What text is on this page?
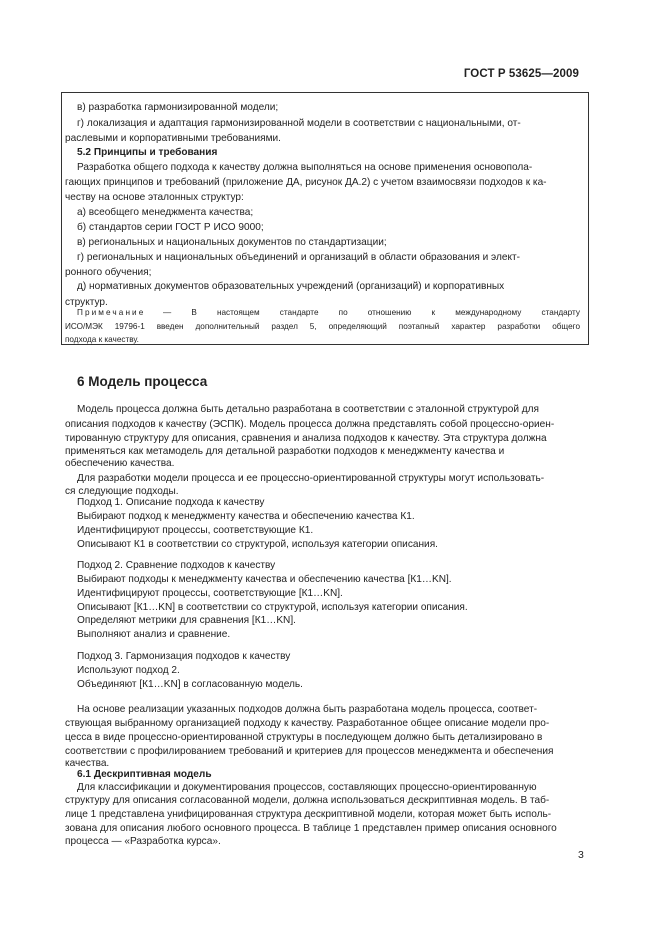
ГОСТ Р 53625—2009
в) разработка гармонизированной модели;
г) локализация и адаптация гармонизированной модели в соответствии с национальными, от-
раслевыми и корпоративными требованиями.
5.2 Принципы и требования
Разработка общего подхода к качеству должна выполняться на основе применения основопола-
гающих принципов и требований (приложение ДА, рисунок ДА.2) с учетом взаимосвязи подходов к ка-
честву на основе эталонных структур:
а) всеобщего менеджмента качества;
б) стандартов серии ГОСТ Р ИСО 9000;
в) региональных и национальных документов по стандартизации;
г) региональных и национальных объединений и организаций в области образования и элект-
ронного обучения;
д) нормативных документов образовательных учреждений (организаций) и корпоративных
структур.
Примечание — В настоящем стандарте по отношению к международному стандарту
ИСО/МЭК 19796-1 введен дополнительный раздел 5, определяющий поэтапный характер разработки общего
подхода к качеству.
6 Модель процесса
Модель процесса должна быть детально разработана в соответствии с эталонной структурой для
описания подходов к качеству (ЭСПК). Модель процесса должна представлять собой процессно-ориен-
тированную структуру для описания, сравнения и анализа подходов к качеству. Эта структура должна
применяться как метамодель для детальной разработки подходов к менеджменту качества и
обеспечению качества.
Для разработки модели процесса и ее процессно-ориентированной структуры могут использовать-
ся следующие подходы.
Подход 1. Описание подхода к качеству
Выбирают подход к менеджменту качества и обеспечению качества К1.
Идентифицируют процессы, соответствующие К1.
Описывают К1 в соответствии со структурой, используя категории описания.
Подход 2. Сравнение подходов к качеству
Выбирают подходы к менеджменту качества и обеспечению качества [К1…KN].
Идентифицируют процессы, соответствующие [К1…KN].
Описывают [К1…KN] в соответствии со структурой, используя категории описания.
Определяют метрики для сравнения [К1…KN].
Выполняют анализ и сравнение.
Подход 3. Гармонизация подходов к качеству
Используют подход 2.
Объединяют [К1…KN] в согласованную модель.
На основе реализации указанных подходов должна быть разработана модель процесса, соответ-
ствующая выбранному организацией подходу к качеству. Разработанное общее описание модели про-
цесса в виде процессно-ориентированной структуры в последующем должно быть детализировано в
соответствии с профилированием требований и критериев для процессов менеджмента и обеспечения
качества.
6.1 Дескриптивная модель
Для классификации и документирования процессов, составляющих процессно-ориентированную
структуру для описания согласованной модели, должна использоваться дескриптивная модель. В таб-
лице 1 представлена унифицированная структура дескриптивной модели, которая может быть исполь-
зована для описания любого основного процесса. В таблице 1 представлен пример описания основного
процесса — «Разработка курса».
3
